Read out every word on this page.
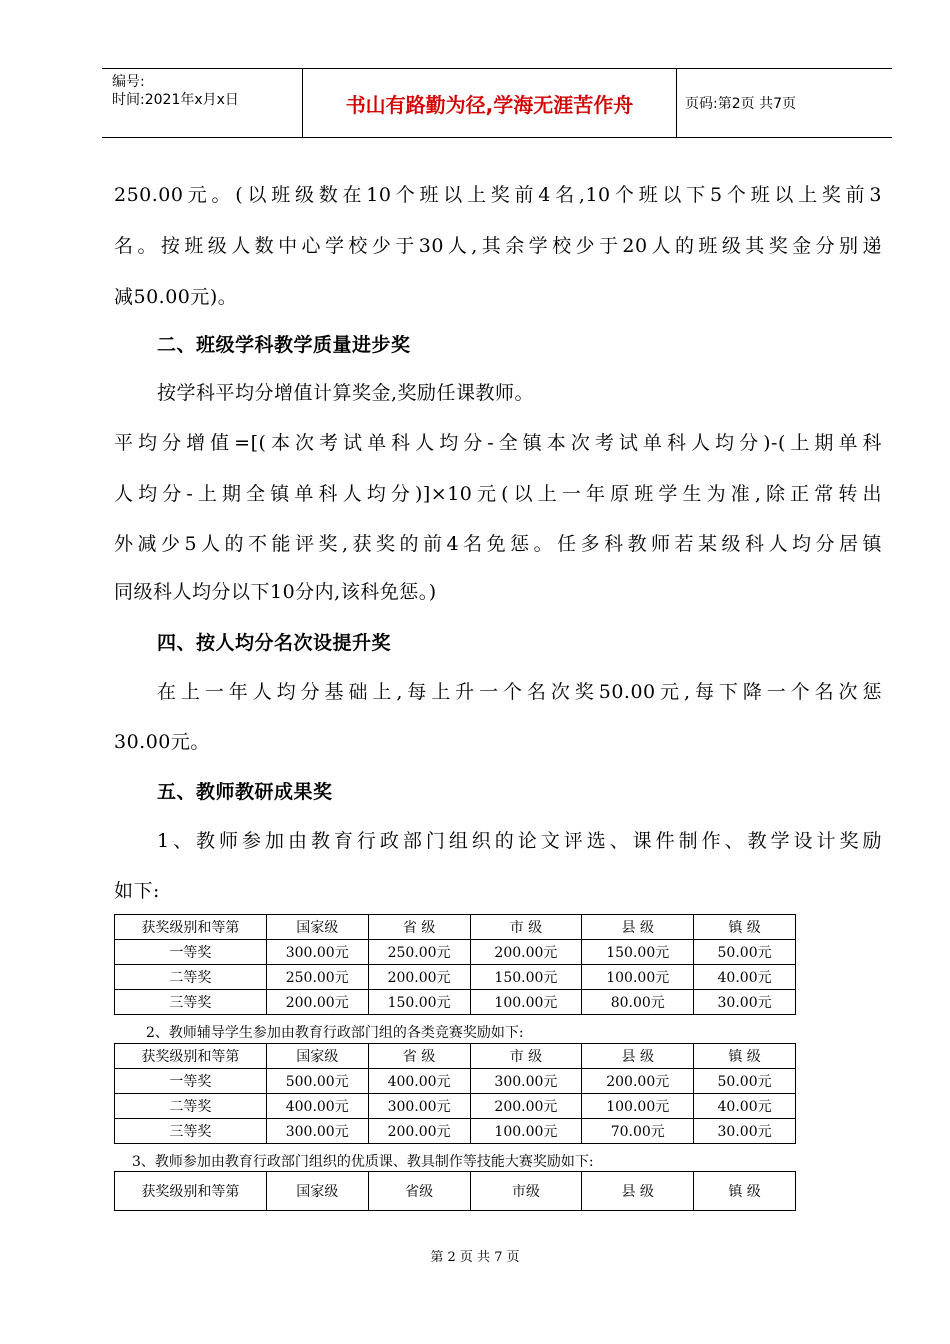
编号:
时间:2021年x月x日	书山有路勤为径,学海无涯苦作舟	页码:第2页 共7页
250.00元。(以班级数在10个班以上奖前4名,10个班以下5个班以上奖前3
名。按班级人数中心学校少于30人,其余学校少于20人的班级其奖金分别递
减50.00元)。
二、班级学科教学质量进步奖
按学科平均分增值计算奖金,奖励任课教师。
平均分增值=[(本次考试单科人均分-全镇本次考试单科人均分)-(上期单科
人均分-上期全镇单科人均分)]×10元(以上一年原班学生为准,除正常转出
外减少5人的不能评奖,获奖的前4名免惩。任多科教师若某级科人均分居镇
同级科人均分以下10分内,该科免惩。)
四、按人均分名次设提升奖
在上一年人均分基础上,每上升一个名次奖50.00元,每下降一个名次惩
30.00元。
五、教师教研成果奖
1、教师参加由教育行政部门组织的论文评选、课件制作、教学设计奖励
如下:
获奖级别和等第	国家级	省 级	市 级	县 级	镇 级
一等奖	300.00元	250.00元	200.00元	150.00元	50.00元
二等奖	250.00元	200.00元	150.00元	100.00元	40.00元
三等奖	200.00元	150.00元	100.00元	80.00元	30.00元
2、教师辅导学生参加由教育行政部门组的各类竞赛奖励如下:
获奖级别和等第	国家级	省 级	市 级	县 级	镇 级
一等奖	500.00元	400.00元	300.00元	200.00元	50.00元
二等奖	400.00元	300.00元	200.00元	100.00元	40.00元
三等奖	300.00元	200.00元	100.00元	70.00元	30.00元
3、教师参加由教育行政部门组织的优质课、教具制作等技能大赛奖励如下:
获奖级别和等第	国家级	省级	市级	县 级	镇 级
第 2 页 共 7 页
